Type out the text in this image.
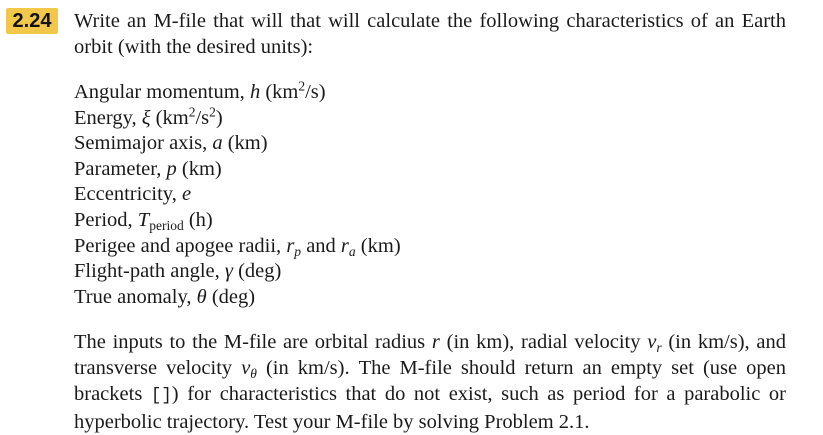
2.24	Write an M-file that will that will calculate the following characteristics of an Earth orbit (with the desired units):

Angular momentum, h $(km^2/s)$
Energy, ξ $(km^2/s^2)$
Semimajor axis, a (km)
Parameter, p (km)
Eccentricity, e
Period, $T_{period}$ (h)
Perigee and apogee radii, $r_p$ and $r_a$ (km)
Flight-path angle, γ (deg)
True anomaly, θ (deg)

The inputs to the M-file are orbital radius r (in km), radial velocity $v_r$ (in km/s), and transverse velocity $v_\theta$ (in km/s). The M-file should return an empty set (use open brackets []) for characteristics that do not exist, such as period for a parabolic or hyperbolic trajectory. Test your M-file by solving Problem 2.1.
